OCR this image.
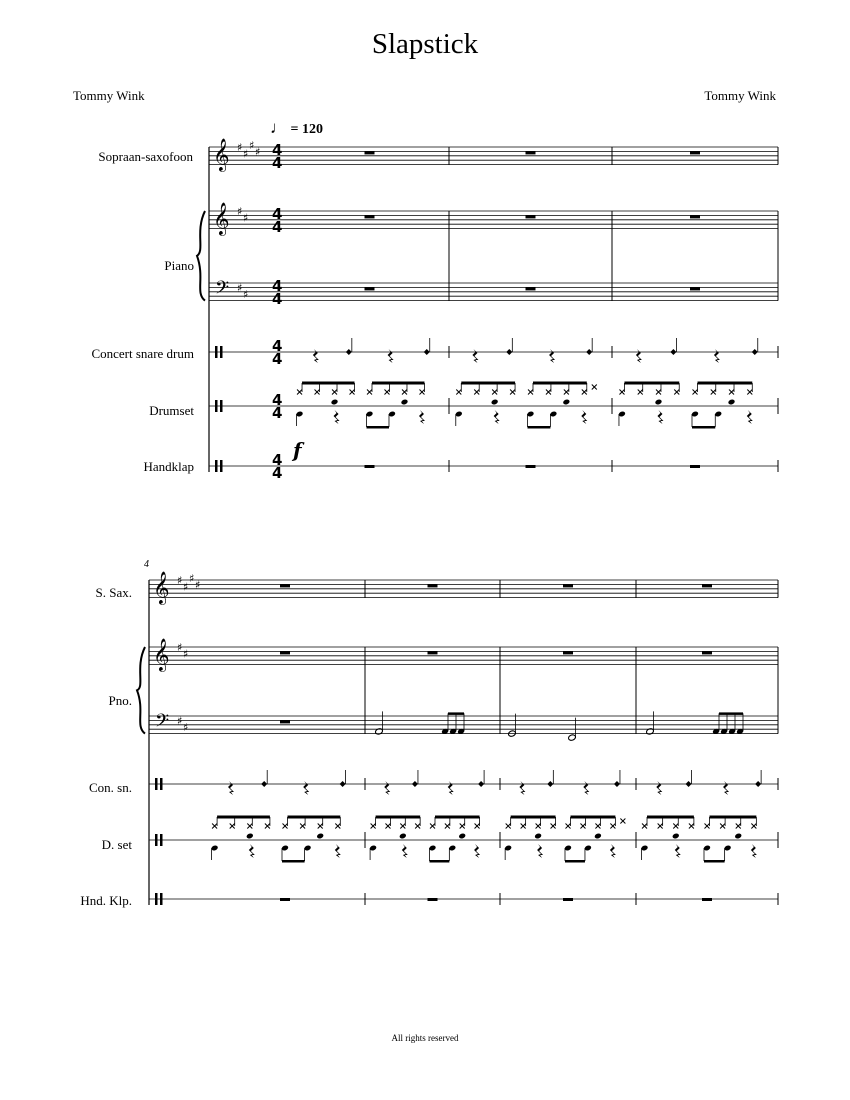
Slapstick
Tommy Wink	Tommy Wink
♩ = 120
Sopraan-saxofoon
Piano
Concert snare drum
Drumset
Handklap
S. Sax.
Pno.
Con. sn.
D. set
Hnd. Klp.
4
f
All rights reserved
𝄞
𝄞
𝄢
♯
♯
♯
♯
♯
♯
♯
♯
4
4
4
4
4
4
4
4
4
4
4
4
𝄞
𝄞
𝄢
♯
♯
♯
♯
♯
♯
♯
♯
